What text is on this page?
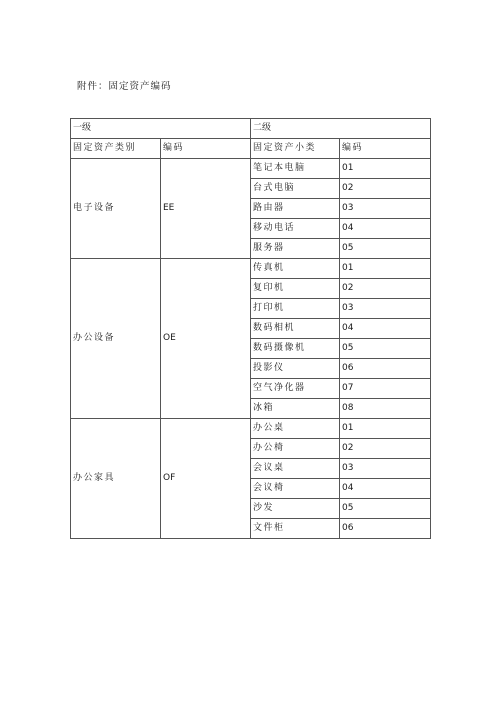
附件：固定资产编码
一级		二级	
固定资产类别	编码	固定资产小类	编码
电子设备	EE	笔记本电脑	01
		台式电脑	02
		路由器	03
		移动电话	04
		服务器	05
办公设备	OE	传真机	01
		复印机	02
		打印机	03
		数码相机	04
		数码摄像机	05
		投影仪	06
		空气净化器	07
		冰箱	08
办公家具	OF	办公桌	01
		办公椅	02
		会议桌	03
		会议椅	04
		沙发	05
		文件柜	06
